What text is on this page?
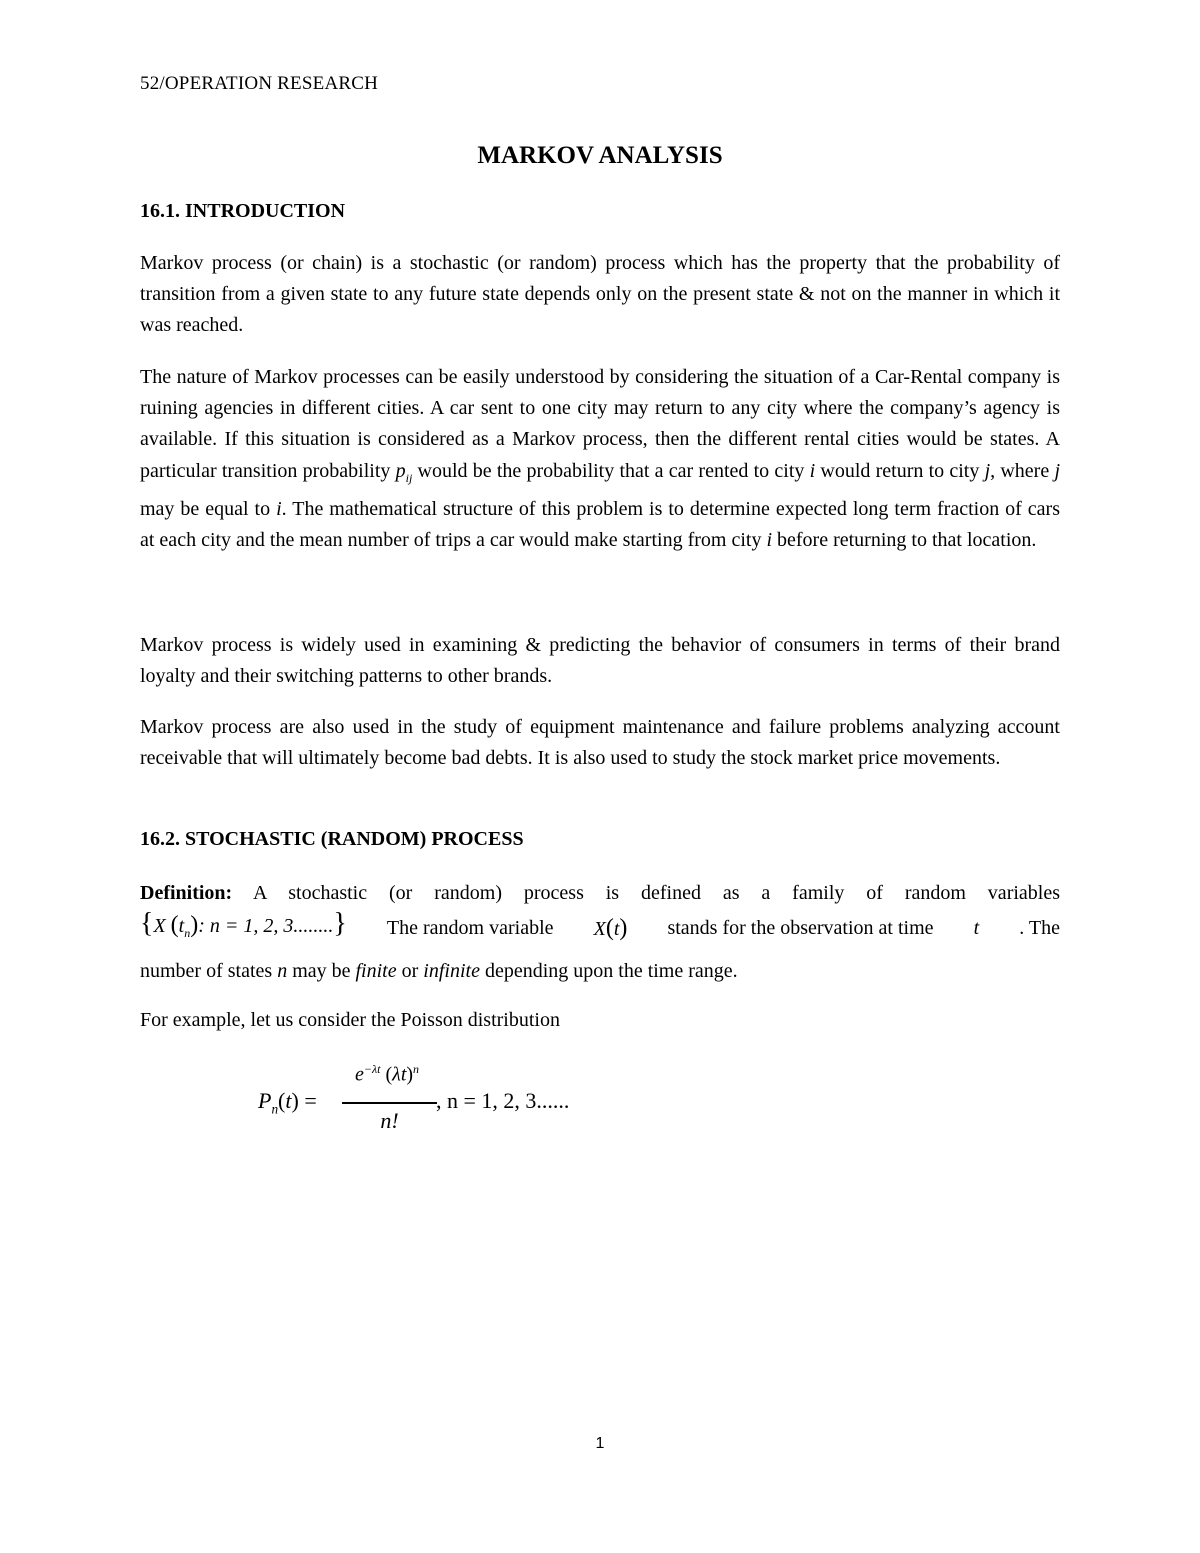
52/OPERATION RESEARCH
MARKOV ANALYSIS
16.1. INTRODUCTION

Markov process (or chain) is a stochastic (or random) process which has the property that the probability of transition from a given state to any future state depends only on the present state & not on the manner in which it was reached.

The nature of Markov processes can be easily understood by considering the situation of a Car-Rental company is ruining agencies in different cities. A car sent to one city may return to any city where the company’s agency is available. If this situation is considered as a Markov process, then the different rental cities would be states. A particular transition probability $p_{ij}$ would be the probability that a car rented to city i would return to city j, where j may be equal to i. The mathematical structure of this problem is to determine expected long term fraction of cars at each city and the mean number of trips a car would make starting from city i before returning to that location.

Markov process is widely used in examining & predicting the behavior of consumers in terms of their brand loyalty and their switching patterns to other brands.

Markov process are also used in the study of equipment maintenance and failure problems analyzing account receivable that will ultimately become bad debts. It is also used to study the stock market price movements.

16.2. STOCHASTIC (RANDOM) PROCESS
Definition: A stochastic (or random) process is defined as a family of random variables
{X $(t_n)$: n = 1, 2, 3........} The random variable X(t) stands for the observation at time t . The
number of states n may be finite or infinite depending upon the time range.
For example, let us consider the Poisson distribution
$P_n(t)$ =
$e^{-\lambda t}$ $(\lambda t)^n$
n!
, n = 1, 2, 3......
1
